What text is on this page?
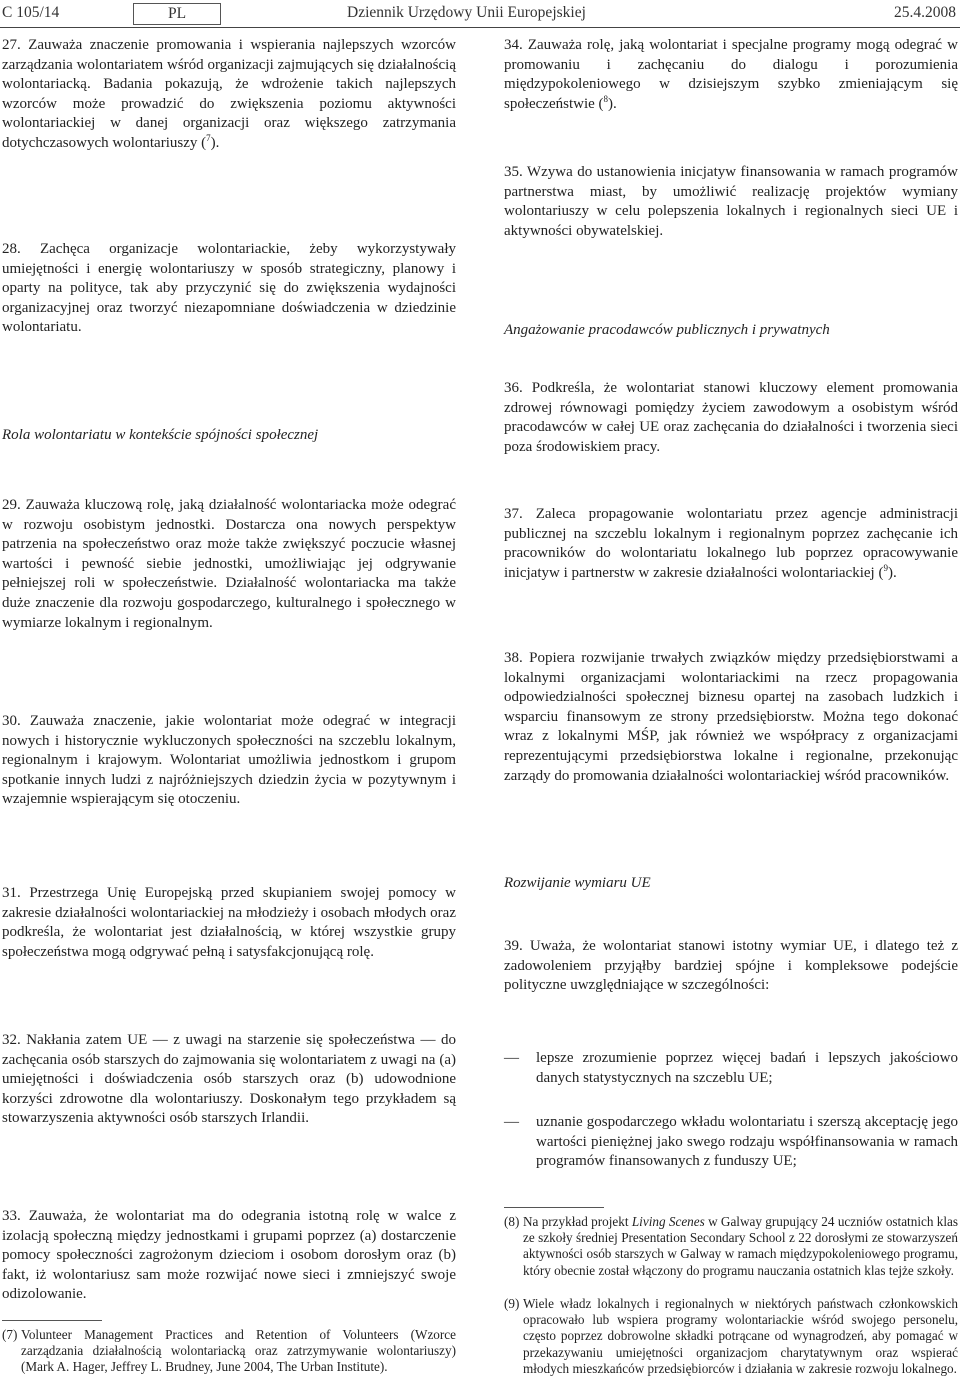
C 105/14	PL	Dziennik Urzędowy Unii Europejskiej	25.4.2008

27. Zauważa znaczenie promowania i wspierania najlepszych wzorców zarządzania wolontariatem wśród organizacji zajmujących się działalnością wolontariacką. Badania pokazują, że wdrożenie takich najlepszych wzorców może prowadzić do zwiększenia poziomu aktywności wolontariackiej w danej organizacji oraz większego zatrzymania dotychczasowych wolontariuszy ($^7$).

28. Zachęca organizacje wolontariackie, żeby wykorzystywały umiejętności i energię wolontariuszy w sposób strategiczny, planowy i oparty na polityce, tak aby przyczynić się do zwiększenia wydajności organizacyjnej oraz tworzyć niezapomniane doświadczenia w dziedzinie wolontariatu.

Rola wolontariatu w kontekście spójności społecznej

29. Zauważa kluczową rolę, jaką działalność wolontariacka może odegrać w rozwoju osobistym jednostki. Dostarcza ona nowych perspektyw patrzenia na społeczeństwo oraz może także zwiększyć poczucie własnej wartości i pewność siebie jednostki, umożliwiając jej odgrywanie pełniejszej roli w społeczeństwie. Działalność wolontariacka ma także duże znaczenie dla rozwoju gospodarczego, kulturalnego i społecznego w wymiarze lokalnym i regionalnym.

30. Zauważa znaczenie, jakie wolontariat może odegrać w integracji nowych i historycznie wykluczonych społeczności na szczeblu lokalnym, regionalnym i krajowym. Wolontariat umożliwia jednostkom i grupom spotkanie innych ludzi z najróżniejszych dziedzin życia w pozytywnym i wzajemnie wspierającym się otoczeniu.

31. Przestrzega Unię Europejską przed skupianiem swojej pomocy w zakresie działalności wolontariackiej na młodzieży i osobach młodych oraz podkreśla, że wolontariat jest działalnością, w której wszystkie grupy społeczeństwa mogą odgrywać pełną i satysfakcjonującą rolę.

32. Nakłania zatem UE — z uwagi na starzenie się społeczeństwa — do zachęcania osób starszych do zajmowania się wolontariatem z uwagi na (a) umiejętności i doświadczenia osób starszych oraz (b) udowodnione korzyści zdrowotne dla wolontariuszy. Doskonałym tego przykładem są stowarzyszenia aktywności osób starszych Irlandii.

33. Zauważa, że wolontariat ma do odegrania istotną rolę w walce z izolacją społeczną między jednostkami i grupami poprzez (a) dostarczenie pomocy społeczności zagrożonym dzieciom i osobom dorosłym oraz (b) fakt, iż wolontariusz sam może rozwijać nowe sieci i zmniejszyć swoje odizolowanie.

(7) Volunteer Management Practices and Retention of Volunteers (Wzorce zarządzania działalnością wolontariacką oraz zatrzymywanie wolontariuszy) (Mark A. Hager, Jeffrey L. Brudney, June 2004, The Urban Institute).

34. Zauważa rolę, jaką wolontariat i specjalne programy mogą odegrać w promowaniu i zachęcaniu do dialogu i porozumienia międzypokoleniowego w dzisiejszym szybko zmieniającym się społeczeństwie ($^8$).

35. Wzywa do ustanowienia inicjatyw finansowania w ramach programów partnerstwa miast, by umożliwić realizację projektów wymiany wolontariuszy w celu polepszenia lokalnych i regionalnych sieci UE i aktywności obywatelskiej.

Angażowanie pracodawców publicznych i prywatnych

36. Podkreśla, że wolontariat stanowi kluczowy element promowania zdrowej równowagi pomiędzy życiem zawodowym a osobistym wśród pracodawców w całej UE oraz zachęcania do działalności i tworzenia sieci poza środowiskiem pracy.

37. Zaleca propagowanie wolontariatu przez agencje administracji publicznej na szczeblu lokalnym i regionalnym poprzez zachęcanie ich pracowników do wolontariatu lokalnego lub poprzez opracowywanie inicjatyw i partnerstw w zakresie działalności wolontariackiej ($^9$).

38. Popiera rozwijanie trwałych związków między przedsiębiorstwami a lokalnymi organizacjami wolontariackimi na rzecz propagowania odpowiedzialności społecznej biznesu opartej na zasobach ludzkich i wsparciu finansowym ze strony przedsiębiorstw. Można tego dokonać wraz z lokalnymi MŚP, jak również we współpracy z organizacjami reprezentującymi przedsiębiorstwa lokalne i regionalne, przekonując zarządy do promowania działalności wolontariackiej wśród pracowników.

Rozwijanie wymiaru UE

39. Uważa, że wolontariat stanowi istotny wymiar UE, i dlatego też z zadowoleniem przyjąłby bardziej spójne i kompleksowe podejście polityczne uwzględniające w szczególności:

— lepsze zrozumienie poprzez więcej badań i lepszych jakościowo danych statystycznych na szczeblu UE;
— uznanie gospodarczego wkładu wolontariatu i szerszą akceptację jego wartości pieniężnej jako swego rodzaju współfinansowania w ramach programów finansowanych z funduszy UE;
(8) Na przykład projekt Living Scenes w Galway grupujący 24 uczniów ostatnich klas ze szkoły średniej Presentation Secondary School z 22 dorosłymi ze stowarzyszeń aktywności osób starszych w Galway w ramach międzypokoleniowego programu, który obecnie został włączony do programu nauczania ostatnich klas tejże szkoły.
(9) Wiele władz lokalnych i regionalnych w niektórych państwach członkowskich opracowało lub wspiera programy wolontariackie wśród swojego personelu, często poprzez dobrowolne składki potrącane od wynagrodzeń, aby pomagać w przekazywaniu umiejętności organizacjom charytatywnym oraz wspierać młodych mieszkańców przedsiębiorców i działania w zakresie rozwoju lokalnego.
